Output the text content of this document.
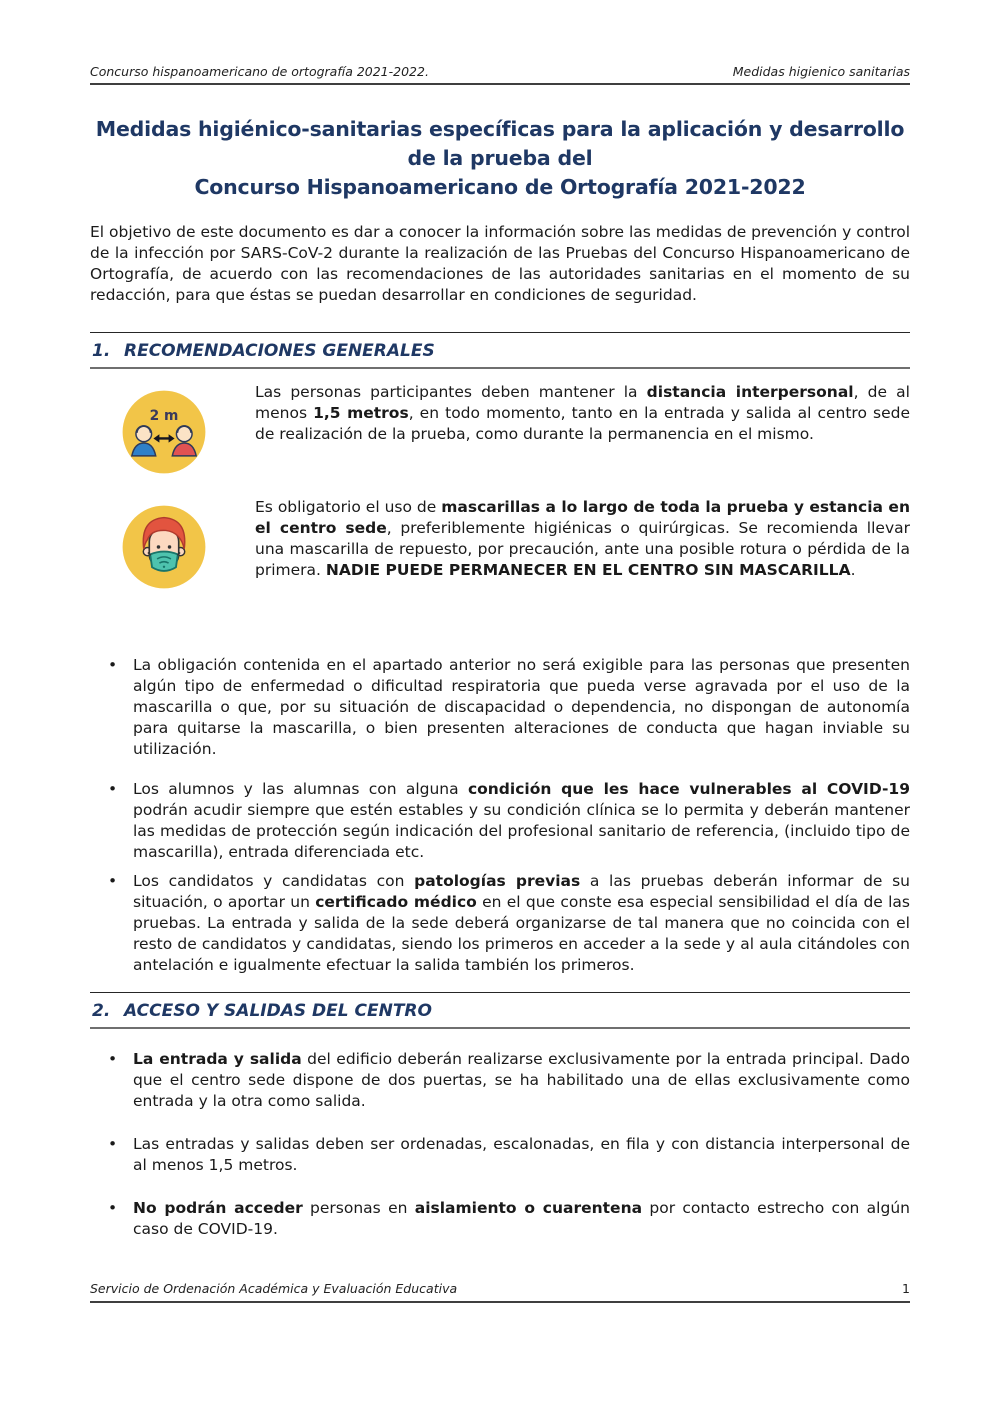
Concurso hispanoamericano de ortografía 2021-2022.	Medidas higienico sanitarias
Medidas higiénico-sanitarias específicas para la aplicación y desarrollo
de la prueba del
Concurso Hispanoamericano de Ortografía 2021-2022
El objetivo de este documento es dar a conocer la información sobre las medidas de prevención y control de la infección por SARS-CoV-2 durante la realización de las Pruebas del Concurso Hispanoamericano de Ortografía, de acuerdo con las recomendaciones de las autoridades sanitarias en el momento de su redacción, para que éstas se puedan desarrollar en condiciones de seguridad.
1. RECOMENDACIONES GENERALES
2 m
Las personas participantes deben mantener la distancia interpersonal, de al menos 1,5 metros, en todo momento, tanto en la entrada y salida al centro sede de realización de la prueba, como durante la permanencia en el mismo.
Es obligatorio el uso de mascarillas a lo largo de toda la prueba y estancia en el centro sede, preferiblemente higiénicas o quirúrgicas. Se recomienda llevar una mascarilla de repuesto, por precaución, ante una posible rotura o pérdida de la primera. NADIE PUEDE PERMANECER EN EL CENTRO SIN MASCARILLA.
•	La obligación contenida en el apartado anterior no será exigible para las personas que presenten algún tipo de enfermedad o dificultad respiratoria que pueda verse agravada por el uso de la mascarilla o que, por su situación de discapacidad o dependencia, no dispongan de autonomía para quitarse la mascarilla, o bien presenten alteraciones de conducta que hagan inviable su utilización.
•	Los alumnos y las alumnas con alguna condición que les hace vulnerables al COVID-19 podrán acudir siempre que estén estables y su condición clínica se lo permita y deberán mantener las medidas de protección según indicación del profesional sanitario de referencia, (incluido tipo de mascarilla), entrada diferenciada etc.
•	Los candidatos y candidatas con patologías previas a las pruebas deberán informar de su situación, o aportar un certificado médico en el que conste esa especial sensibilidad el día de las pruebas. La entrada y salida de la sede deberá organizarse de tal manera que no coincida con el resto de candidatos y candidatas, siendo los primeros en acceder a la sede y al aula citándoles con antelación e igualmente efectuar la salida también los primeros.
2. ACCESO Y SALIDAS DEL CENTRO
•	La entrada y salida del edificio deberán realizarse exclusivamente por la entrada principal. Dado que el centro sede dispone de dos puertas, se ha habilitado una de ellas exclusivamente como entrada y la otra como salida.
•	Las entradas y salidas deben ser ordenadas, escalonadas, en fila y con distancia interpersonal de al menos 1,5 metros.
•	No podrán acceder personas en aislamiento o cuarentena por contacto estrecho con algún caso de COVID-19.
Servicio de Ordenación Académica y Evaluación Educativa	1
